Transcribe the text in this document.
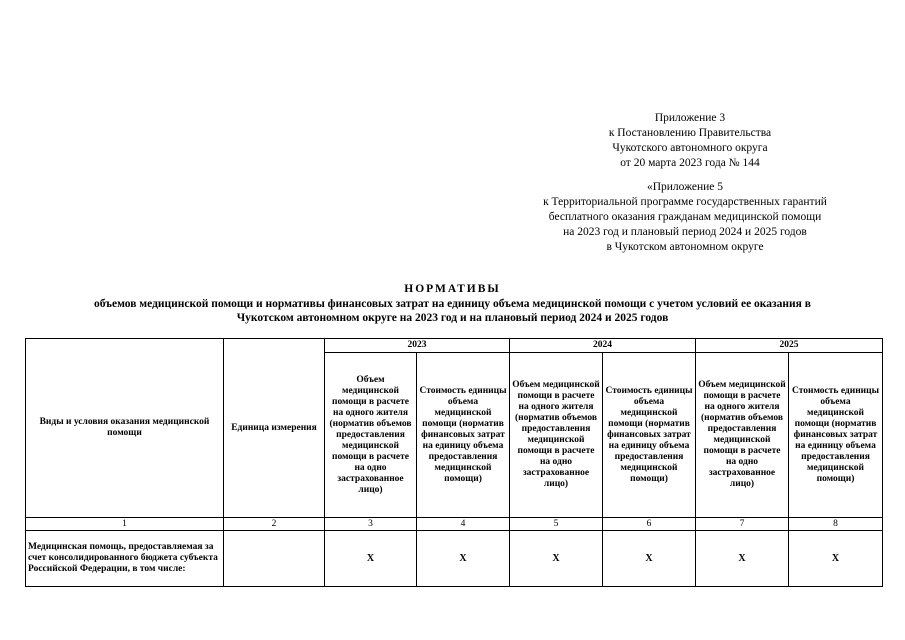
Приложение 3
к Постановлению Правительства
Чукотского автономного округа
от 20 марта 2023 года № 144
«Приложение 5
к Территориальной программе государственных гарантий
бесплатного оказания гражданам медицинской помощи
на 2023 год и плановый период 2024 и 2025 годов
в Чукотском автономном округе
НОРМАТИВЫ
объемов медицинской помощи и нормативы финансовых затрат на единицу объема медицинской помощи с учетом условий ее оказания в
Чукотском автономном округе на 2023 год и на плановый период 2024 и 2025 годов
Виды и условия оказания медицинской помощи	Единица измерения	2023		2024		2025	
		Объем медицинской помощи в расчете на одного жителя (норматив объемов предоставления медицинской помощи в расчете на одно застрахованное лицо)	Стоимость единицы объема медицинской помощи (норматив финансовых затрат на единицу объема предоставления медицинской помощи)	Объем медицинской помощи в расчете на одного жителя (норматив объемов предоставления медицинской помощи в расчете на одно застрахованное лицо)	Стоимость единицы объема медицинской помощи (норматив финансовых затрат на единицу объема предоставления медицинской помощи)	Объем медицинской помощи в расчете на одного жителя (норматив объемов предоставления медицинской помощи в расчете на одно застрахованное лицо)	Стоимость единицы объема медицинской помощи (норматив финансовых затрат на единицу объема предоставления медицинской помощи)
1	2	3	4	5	6	7	8
Медицинская помощь, предоставляемая за счет консолидированного бюджета субъекта Российской Федерации, в том числе:		Х	Х	Х	Х	Х	Х
